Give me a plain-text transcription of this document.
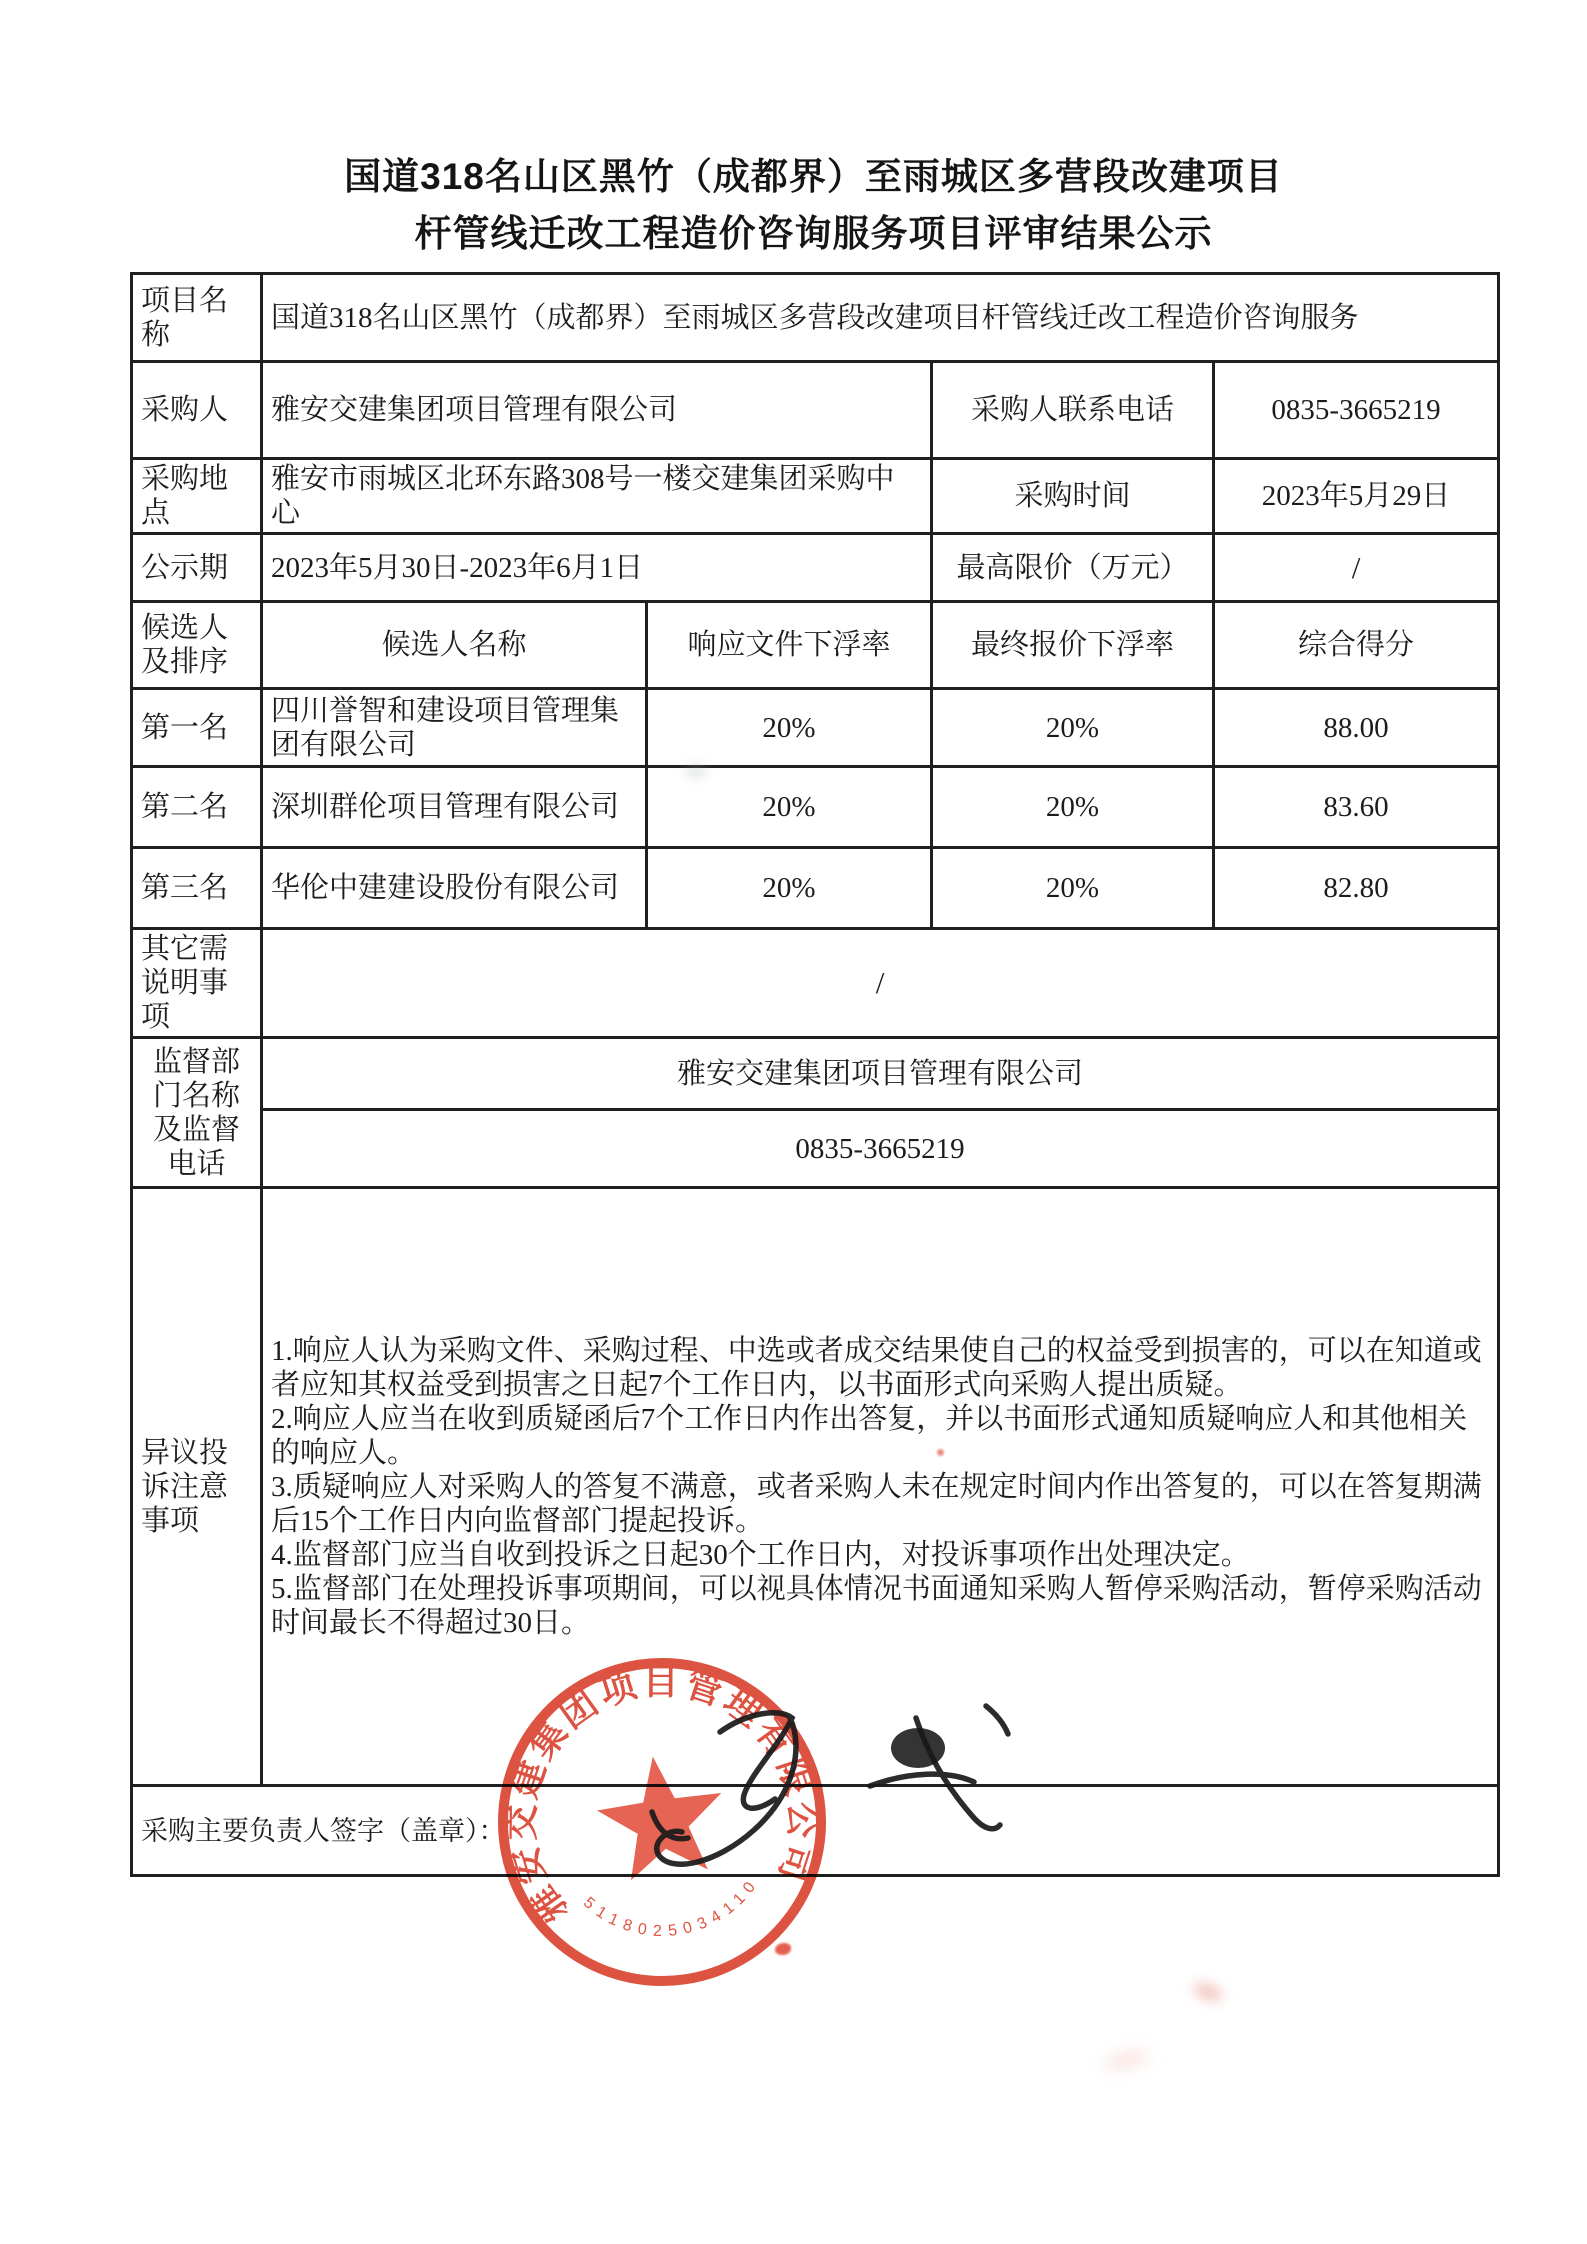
国道318名山区黑竹（成都界）至雨城区多营段改建项目
杆管线迁改工程造价咨询服务项目评审结果公示
项目名称	国道318名山区黑竹（成都界）至雨城区多营段改建项目杆管线迁改工程造价咨询服务			
采购人	雅安交建集团项目管理有限公司		采购人联系电话	0835-3665219
采购地点	雅安市雨城区北环东路308号一楼交建集团采购中心		采购时间	2023年5月29日
公示期	2023年5月30日-2023年6月1日		最高限价（万元）	/
候选人及排序	候选人名称	响应文件下浮率	最终报价下浮率	综合得分
第一名	四川誉智和建设项目管理集团有限公司	20%	20%	88.00
第二名	深圳群伦项目管理有限公司	20%	20%	83.60
第三名	华伦中建建设股份有限公司	20%	20%	82.80
其它需说明事项	/			
监督部门名称及监督电话	雅安交建集团项目管理有限公司			
	0835-3665219			
异议投诉注意事项	1.响应人认为采购文件、采购过程、中选或者成交结果使自己的权益受到损害的，可以在知道或者应知其权益受到损害之日起7个工作日内，以书面形式向采购人提出质疑。
2.响应人应当在收到质疑函后7个工作日内作出答复，并以书面形式通知质疑响应人和其他相关的响应人。
3.质疑响应人对采购人的答复不满意，或者采购人未在规定时间内作出答复的，可以在答复期满后15个工作日内向监督部门提起投诉。
4.监督部门应当自收到投诉之日起30个工作日内，对投诉事项作出处理决定。
5.监督部门在处理投诉事项期间，可以视具体情况书面通知采购人暂停采购活动，暂停采购活动时间最长不得超过30日。			

采购主要负责人签字（盖章）：				
雅安交建集团项目管理有限公司
5118025034110
